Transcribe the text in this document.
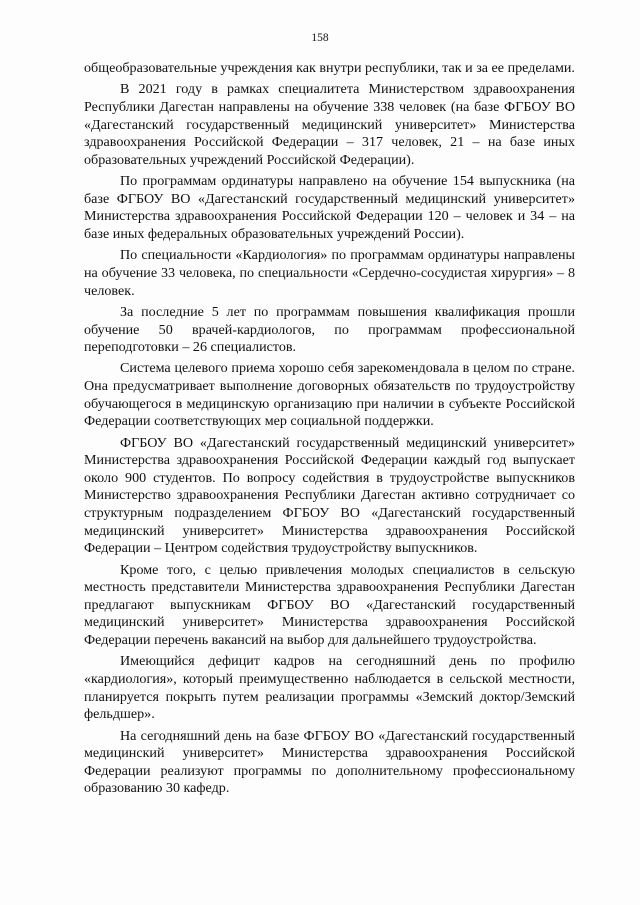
158

общеобразовательные учреждения как внутри республики, так и за ее пределами.

В 2021 году в рамках специалитета Министерством здравоохранения Республики Дагестан направлены на обучение 338 человек (на базе ФГБОУ ВО «Дагестанский государственный медицинский университет» Министерства здравоохранения Российской Федерации – 317 человек, 21 – на базе иных образовательных учреждений Российской Федерации).

По программам ординатуры направлено на обучение 154 выпускника (на базе ФГБОУ ВО «Дагестанский государственный медицинский университет» Министерства здравоохранения Российской Федерации 120 – человек и 34 – на базе иных федеральных образовательных учреждений России).

По специальности «Кардиология» по программам ординатуры направлены на обучение 33 человека, по специальности «Сердечно-сосудистая хирургия» – 8 человек.

За последние 5 лет по программам повышения квалификация прошли обучение 50 врачей-кардиологов, по программам профессиональной переподготовки – 26 специалистов.

Система целевого приема хорошо себя зарекомендовала в целом по стране. Она предусматривает выполнение договорных обязательств по трудоустройству обучающегося в медицинскую организацию при наличии в субъекте Российской Федерации соответствующих мер социальной поддержки.

ФГБОУ ВО «Дагестанский государственный медицинский университет» Министерства здравоохранения Российской Федерации каждый год выпускает около 900 студентов. По вопросу содействия в трудоустройстве выпускников Министерство здравоохранения Республики Дагестан активно сотрудничает со структурным подразделением ФГБОУ ВО «Дагестанский государственный медицинский университет» Министерства здравоохранения Российской Федерации – Центром содействия трудоустройству выпускников.

Кроме того, с целью привлечения молодых специалистов в сельскую местность представители Министерства здравоохранения Республики Дагестан предлагают выпускникам ФГБОУ ВО «Дагестанский государственный медицинский университет» Министерства здравоохранения Российской Федерации перечень вакансий на выбор для дальнейшего трудоустройства.

Имеющийся дефицит кадров на сегодняшний день по профилю «кардиология», который преимущественно наблюдается в сельской местности, планируется покрыть путем реализации программы «Земский доктор/Земский фельдшер».

На сегодняшний день на базе ФГБОУ ВО «Дагестанский государственный медицинский университет» Министерства здравоохранения Российской Федерации реализуют программы по дополнительному профессиональному образованию 30 кафедр.
